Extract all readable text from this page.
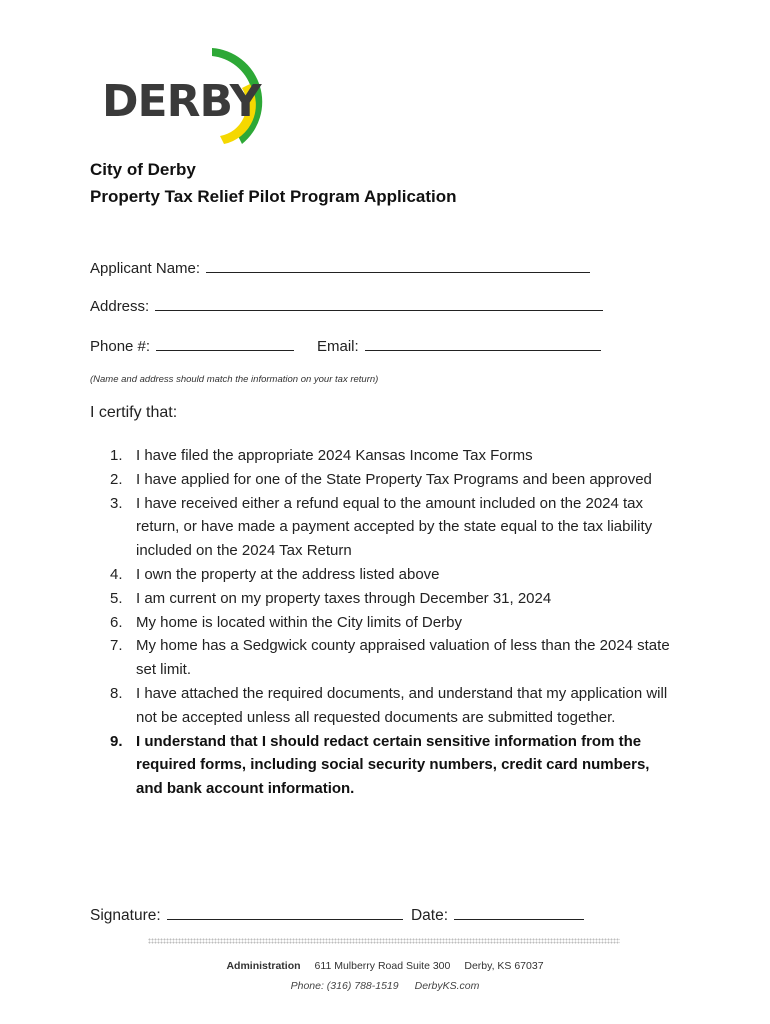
DERBY
City of Derby
Property Tax Relief Pilot Program Application
Applicant Name:
Address:
Phone #:	Email:
(Name and address should match the information on your tax return)
I certify that:
1. I have filed the appropriate 2024 Kansas Income Tax Forms
2. I have applied for one of the State Property Tax Programs and been approved
3. I have received either a refund equal to the amount included on the 2024 tax return, or have made a payment accepted by the state equal to the tax liability included on the 2024 Tax Return
4. I own the property at the address listed above
5. I am current on my property taxes through December 31, 2024
6. My home is located within the City limits of Derby
7. My home has a Sedgwick county appraised valuation of less than the 2024 state set limit.
8. I have attached the required documents, and understand that my application will not be accepted unless all requested documents are submitted together.
9. I understand that I should redact certain sensitive information from the required forms, including social security numbers, credit card numbers, and bank account information.
Signature:	Date:
Administration 611 Mulberry Road Suite 300 Derby, KS 67037
Phone: (316) 788-1519 DerbyKS.com
